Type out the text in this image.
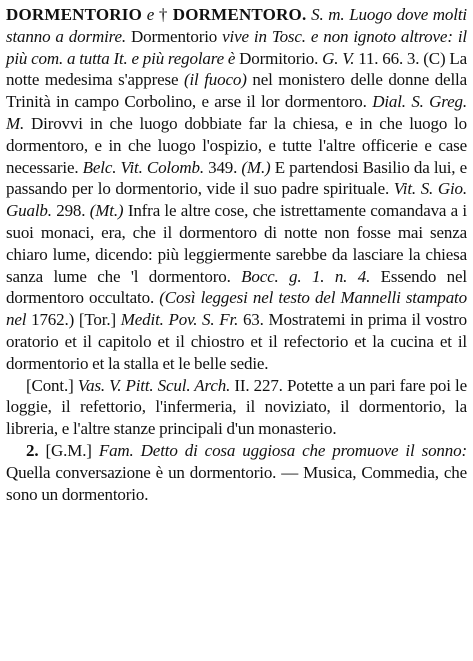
DORMENTORIO e † DORMENTORO. S. m. Luogo dove molti stanno a dormire. Dormentorio vive in Tosc. e non ignoto altrove: il più com. a tutta It. e più regolare è Dormitorio. G. V. 11. 66. 3. (C) La notte medesima s'apprese (il fuoco) nel monistero delle donne della Trinità in campo Corbolino, e arse il lor dormentoro. Dial. S. Greg. M. Dirovvi in che luogo dobbiate far la chiesa, e in che luogo lo dormentoro, e in che luogo l'ospizio, e tutte l'altre officerie e case necessarie. Belc. Vit. Colomb. 349. (M.) E partendosi Basilio da lui, e passando per lo dormentorio, vide il suo padre spirituale. Vit. S. Gio. Gualb. 298. (Mt.) Infra le altre cose, che istrettamente comandava a i suoi monaci, era, che il dormentoro di notte non fosse mai senza chiaro lume, dicendo: più leggiermente sarebbe da lasciare la chiesa sanza lume che 'l dormentoro. Bocc. g. 1. n. 4. Essendo nel dormentoro occultato. (Così leggesi nel testo del Mannelli stampato nel 1762.) [Tor.] Medit. Pov. S. Fr. 63. Mostratemi in prima il vostro oratorio et il capitolo et il chiostro et il refectorio et la cucina et il dormentorio et la stalla et le belle sedie.

[Cont.] Vas. V. Pitt. Scul. Arch. II. 227. Potette a un pari fare poi le loggie, il refettorio, l'infermeria, il noviziato, il dormentorio, la libreria, e l'altre stanze principali d'un monasterio.

2. [G.M.] Fam. Detto di cosa uggiosa che promuove il sonno: Quella conversazione è un dormentorio. — Musica, Commedia, che sono un dormentorio.
